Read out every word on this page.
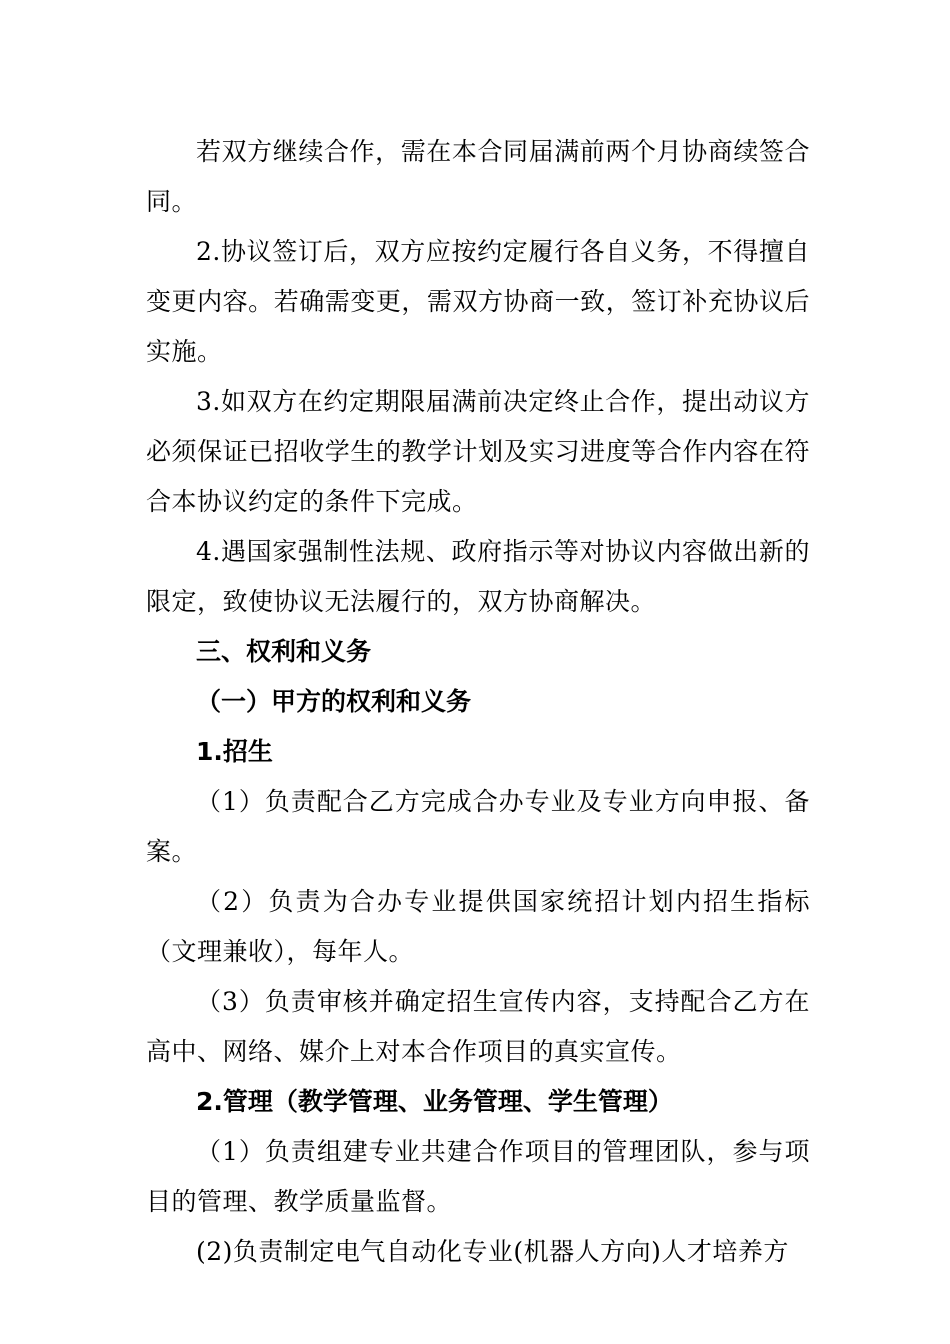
若双方继续合作，需在本合同届满前两个月协商续签合同。

2.协议签订后，双方应按约定履行各自义务，不得擅自变更内容。若确需变更，需双方协商一致，签订补充协议后实施。

3.如双方在约定期限届满前决定终止合作，提出动议方必须保证已招收学生的教学计划及实习进度等合作内容在符合本协议约定的条件下完成。

4.遇国家强制性法规、政府指示等对协议内容做出新的限定，致使协议无法履行的，双方协商解决。

三、权利和义务

（一）甲方的权利和义务

1.招生

（1）负责配合乙方完成合办专业及专业方向申报、备案。

（2）负责为合办专业提供国家统招计划内招生指标（文理兼收），每年人。

（3）负责审核并确定招生宣传内容，支持配合乙方在高中、网络、媒介上对本合作项目的真实宣传。

2.管理（教学管理、业务管理、学生管理）

（1）负责组建专业共建合作项目的管理团队，参与项目的管理、教学质量监督。

(2)负责制定电气自动化专业(机器人方向)人才培养方
